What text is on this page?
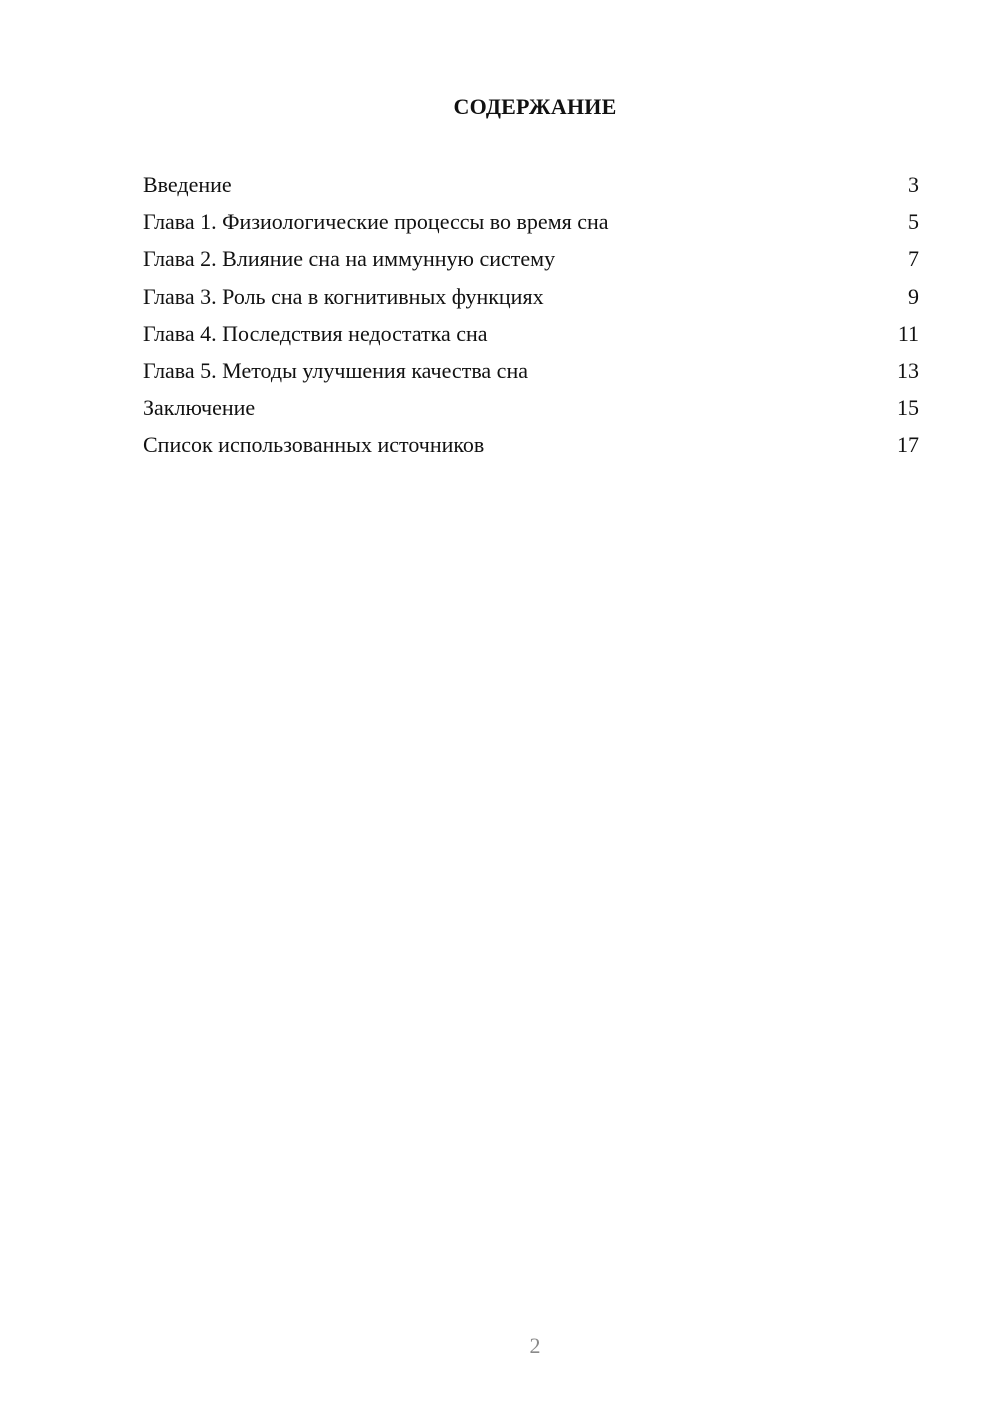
СОДЕРЖАНИЕ
Введение	3
Глава 1. Физиологические процессы во время сна	5
Глава 2. Влияние сна на иммунную систему	7
Глава 3. Роль сна в когнитивных функциях	9
Глава 4. Последствия недостатка сна	11
Глава 5. Методы улучшения качества сна	13
Заключение	15
Список использованных источников	17
2
